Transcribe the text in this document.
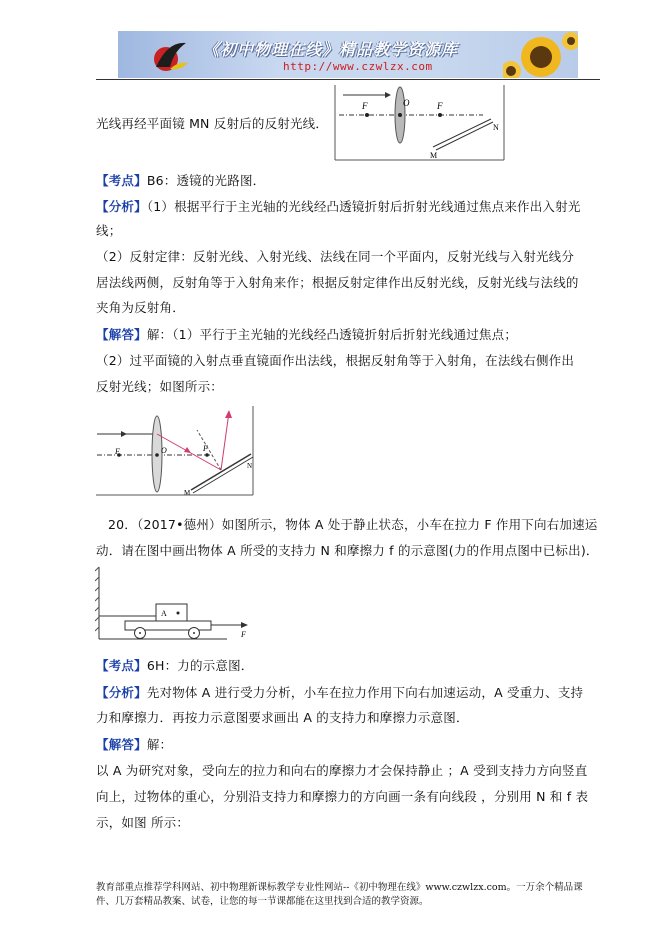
《初中物理在线》精品教学资源库
http://www.czwlzx.com
光线再经平面镜 MN 反射后的反射光线．
F	O	F
N
M
【考点】B6：透镜的光路图．
【分析】（1）根据平行于主光轴的光线经凸透镜折射后折射光线通过焦点来作出入射光
线；
（2）反射定律：反射光线、入射光线、法线在同一个平面内，反射光线与入射光线分
居法线两侧，反射角等于入射角来作；根据反射定律作出反射光线，反射光线与法线的
夹角为反射角．
【解答】解：（1）平行于主光轴的光线经凸透镜折射后折射光线通过焦点；
（2）过平面镜的入射点垂直镜面作出法线，根据反射角等于入射角，在法线右侧作出
反射光线；如图所示：
F	O	F
M
N
20．（2017•德州）如图所示，物体 A 处于静止状态，小车在拉力 F 作用下向右加速运
动．请在图中画出物体 A 所受的支持力 N 和摩擦力 f 的示意图(力的作用点图中已标出)．
A
F
【考点】6H：力的示意图．
【分析】先对物体 A 进行受力分析，小车在拉力作用下向右加速运动，A 受重力、支持
力和摩擦力．再按力示意图要求画出 A 的支持力和摩擦力示意图．
【解答】解：
以 A 为研究对象，受向左的拉力和向右的摩擦力才会保持静止 ；A 受到支持力方向竖直
向上，过物体的重心，分别沿支持力和摩擦力的方向画一条有向线段 ，分别用 N 和 f 表
示，如图 所示：
教育部重点推荐学科网站、初中物理新课标教学专业性网站--《初中物理在线》www.czwlzx.com。一万余个精品课
件、几万套精品教案、试卷，让您的每一节课都能在这里找到合适的教学资源。
